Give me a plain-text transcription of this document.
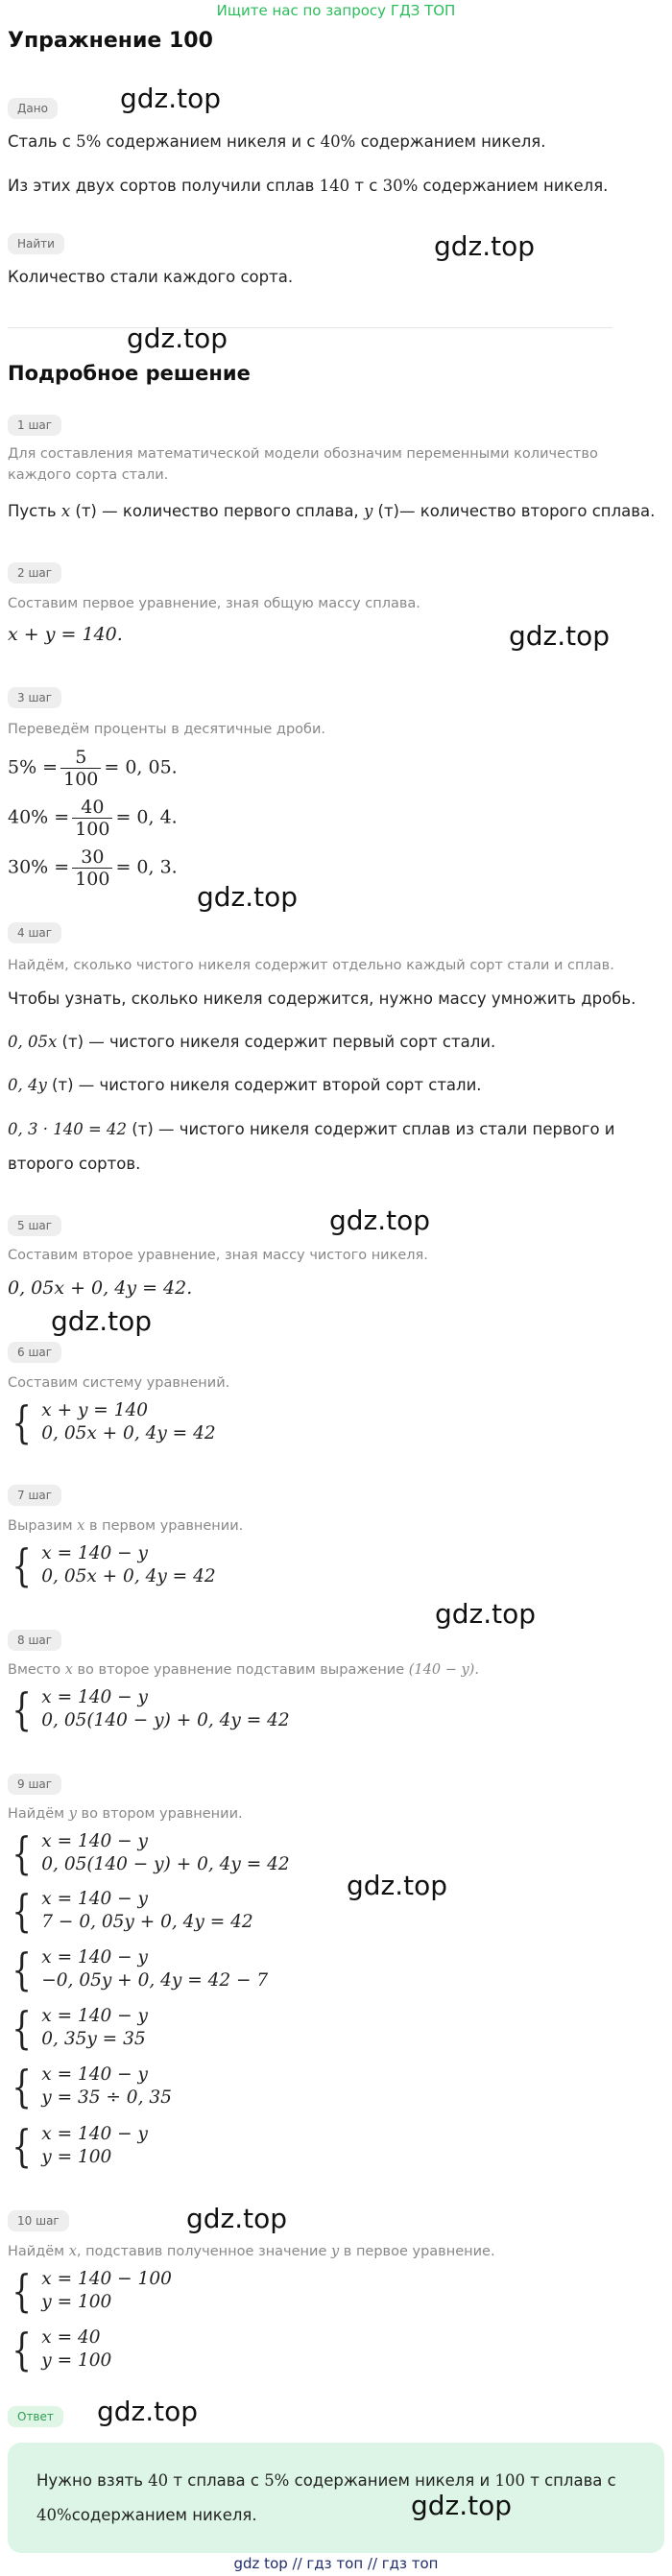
Ищите нас по запросу ГДЗ ТОП
Упражнение 100
Дано
Сталь с 5% содержанием никеля и с 40% содержанием никеля.
Из этих двух сортов получили сплав 140 т с 30% содержанием никеля.
Найти
Количество стали каждого сорта.
Подробное решение
1 шаг
Для составления математической модели обозначим переменными количество
каждого сорта стали.
Пусть x (т) — количество первого сплава, y (т)— количество второго сплава.
2 шаг
Составим первое уравнение, зная общую массу сплава.
x + y = 140.
3 шаг
Переведём проценты в десятичные дроби.
$5\% = \frac{5}{100} = 0$, 05.
$40\% = \frac{40}{100} = 0$, 4.
$30\% = \frac{30}{100} = 0$, 3.
4 шаг
Найдём, сколько чистого никеля содержит отдельно каждый сорт стали и сплав.
Чтобы узнать, сколько никеля содержится, нужно массу умножить дробь.
0, 05x (т) — чистого никеля содержит первый сорт стали.
0, 4y (т) — чистого никеля содержит второй сорт стали.
0, 3 · 140 = 42 (т) — чистого никеля содержит сплав из стали первого и
второго сортов.
5 шаг
Составим второе уравнение, зная массу чистого никеля.
0, 05x + 0, 4y = 42.
6 шаг
Составим систему уравнений.
{ x + y = 140
0, 05x + 0, 4y = 42
7 шаг
Выразим x в первом уравнении.
{ x = 140 − y
0, 05x + 0, 4y = 42
8 шаг
Вместо x во второе уравнение подставим выражение (140 − y).
{ x = 140 − y
0, 05(140 − y) + 0, 4y = 42
9 шаг
Найдём y во втором уравнении.
{ x = 140 − y
0, 05(140 − y) + 0, 4y = 42
{ x = 140 − y
7 − 0, 05y + 0, 4y = 42
{ x = 140 − y
−0, 05y + 0, 4y = 42 − 7
{ x = 140 − y
0, 35y = 35
{ x = 140 − y
y = 35 ÷ 0, 35
{ x = 140 − y
y = 100
10 шаг
Найдём x, подставив полученное значение y в первое уравнение.
{ x = 140 − 100
y = 100
{ x = 40
y = 100
Ответ
Нужно взять 40 т сплава с 5% содержанием никеля и 100 т сплава с
40%содержанием никеля.
gdz.top
gdz.top
gdz.top
gdz.top
gdz.top
gdz.top
gdz.top
gdz.top
gdz.top
gdz.top
gdz.top
gdz.top
gdz top // гдз топ // гдз топ
